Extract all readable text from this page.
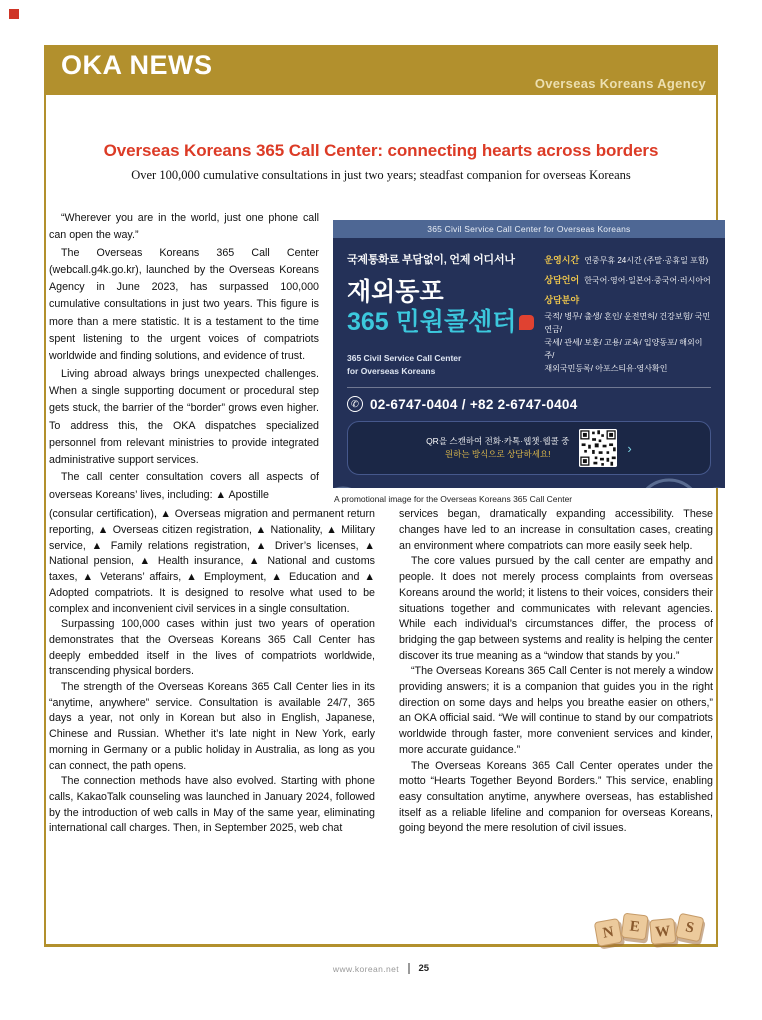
OKA NEWS
Overseas Koreans Agency
Overseas Koreans 365 Call Center: connecting hearts across borders
Over 100,000 cumulative consultations in just two years; steadfast companion for overseas Koreans

“Wherever you are in the world, just one phone call can open the way.”

The Overseas Koreans 365 Call Center (webcall.g4k.go.kr), launched by the Overseas Koreans Agency in June 2023, has surpassed 100,000 cumulative consultations in just two years. This figure is more than a mere statistic. It is a testament to the time spent listening to the urgent voices of compatriots worldwide and finding solutions, and evidence of trust.

Living abroad always brings unexpected challenges. When a single supporting document or procedural step gets stuck, the barrier of the “border” grows even higher. To address this, the OKA dispatches specialized personnel from relevant ministries to provide integrated administrative support services.

The call center consultation covers all aspects of overseas Koreans’ lives, including: ▲ Apostille

365 Civil Service Call Center for Overseas Koreans
국제통화료 부담없이, 언제 어디서나
재외동포
365 민원콜센터
365 Civil Service Call Center
for Overseas Koreans
운영시간 연중무휴 24시간 (주말·공휴일 포함)
상담언어 한국어·영어·일본어·중국어·러시아어
상담분야
국적/ 병무/ 출생/ 혼인/ 운전면허/ 건강보험/ 국민연금/
국세/ 관세/ 보훈/ 고용/ 교육/ 입양동포/ 해외이주/
재외국민등록/ 아포스티유·영사확인
✆ 02-6747-0404 / +82 2-6747-0404
QR을 스캔하여 전화·카톡·웹챗·웹콜 중
원하는 방식으로 상담하세요!	›
A promotional image for the Overseas Koreans 365 Call Center

(consular certification), ▲ Overseas migration and permanent return reporting, ▲ Overseas citizen registration, ▲ Nationality, ▲ Military service, ▲ Family relations registration, ▲ Driver’s licenses, ▲ National pension, ▲ Health insurance, ▲ National and customs taxes, ▲ Veterans’ affairs, ▲ Employment, ▲ Education and ▲ Adopted compatriots. It is designed to resolve what used to be complex and inconvenient civil services in a single consultation.

Surpassing 100,000 cases within just two years of operation demonstrates that the Overseas Koreans 365 Call Center has deeply embedded itself in the lives of compatriots worldwide, transcending physical borders.

The strength of the Overseas Koreans 365 Call Center lies in its “anytime, anywhere” service. Consultation is available 24/7, 365 days a year, not only in Korean but also in English, Japanese, Chinese and Russian. Whether it’s late night in New York, early morning in Germany or a public holiday in Australia, as long as you can connect, the path opens.

The connection methods have also evolved. Starting with phone calls, KakaoTalk counseling was launched in January 2024, followed by the introduction of web calls in May of the same year, eliminating international call charges. Then, in September 2025, web chat

services began, dramatically expanding accessibility. These changes have led to an increase in consultation cases, creating an environment where compatriots can more easily seek help.

The core values pursued by the call center are empathy and people. It does not merely process complaints from overseas Koreans around the world; it listens to their voices, considers their situations together and communicates with relevant agencies. While each individual’s circumstances differ, the process of bridging the gap between systems and reality is helping the center discover its true meaning as a “window that stands by you.”

“The Overseas Koreans 365 Call Center is not merely a window providing answers; it is a companion that guides you in the right direction on some days and helps you breathe easier on others,” an OKA official said. “We will continue to stand by our compatriots worldwide through faster, more convenient services and kinder, more accurate guidance.”

The Overseas Koreans 365 Call Center operates under the motto “Hearts Together Beyond Borders.” This service, enabling easy consultation anytime, anywhere overseas, has established itself as a reliable lifeline and companion for overseas Koreans, going beyond the mere resolution of civil issues.

N E W S
www.korean.net 25
